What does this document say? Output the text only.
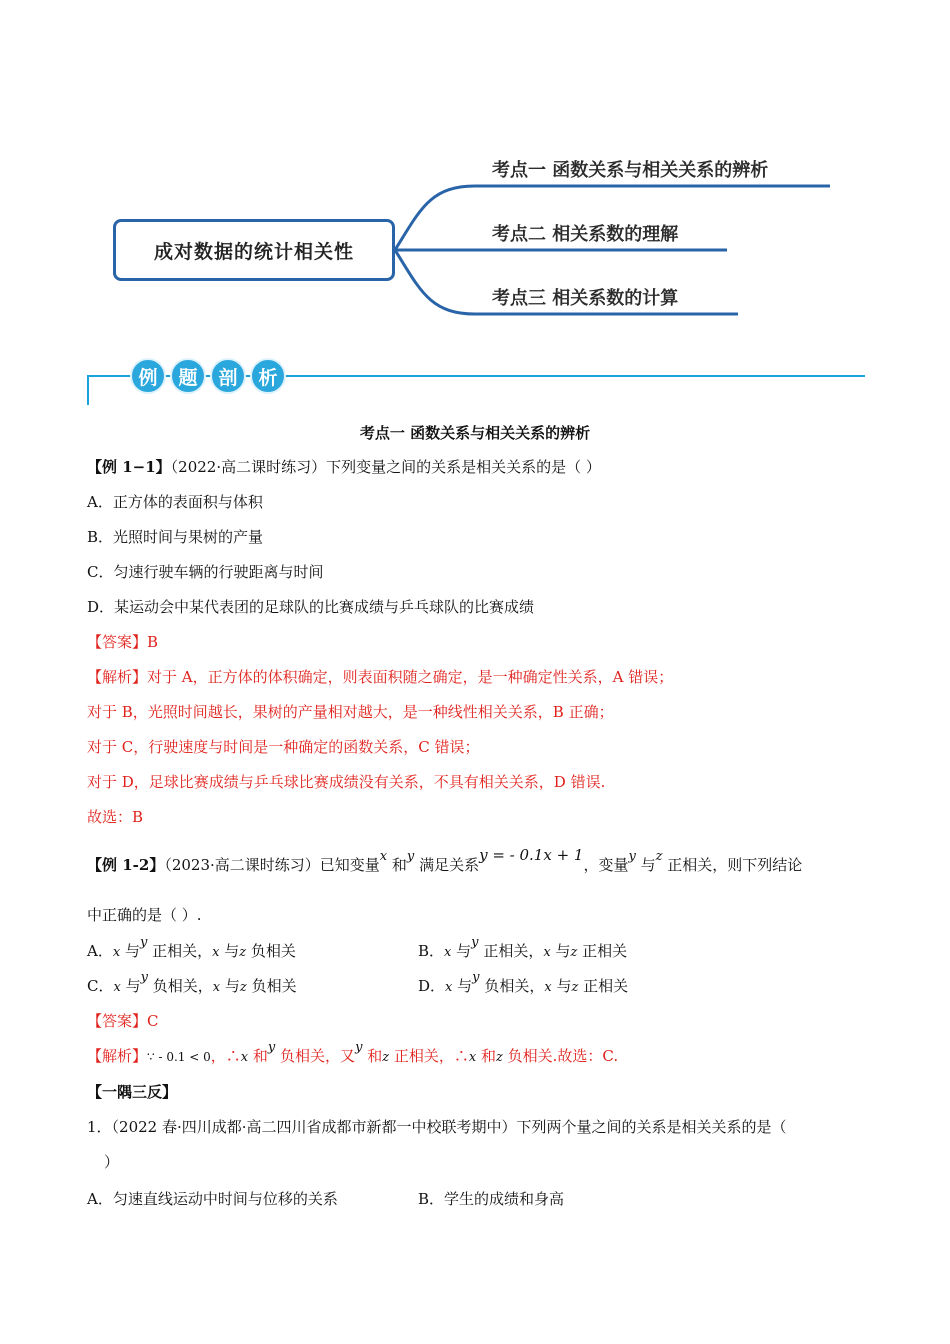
成对数据的统计相关性
考点一 函数关系与相关关系的辨析
考点二 相关系数的理解
考点三 相关系数的计算
例	题	剖	析
考点一 函数关系与相关关系的辨析
【例 1−1】（2022·高二课时练习）下列变量之间的关系是相关关系的是（ ）
A．正方体的表面积与体积
B．光照时间与果树的产量
C．匀速行驶车辆的行驶距离与时间
D．某运动会中某代表团的足球队的比赛成绩与乒乓球队的比赛成绩
【答案】B
【解析】对于 A，正方体的体积确定，则表面积随之确定，是一种确定性关系，A 错误；
对于 B，光照时间越长，果树的产量相对越大，是一种线性相关关系，B 正确；
对于 C，行驶速度与时间是一种确定的函数关系，C 错误；
对于 D，足球比赛成绩与乒乓球比赛成绩没有关系，不具有相关关系，D 错误.
故选：B
【例 1-2】（2023·高二课时练习）已知变量x 和y 满足关系y = - 0.1x + 1，变量y 与z 正相关，则下列结论
中正确的是（ ）.
A．x 与y 正相关，x 与z 负相关	B．x 与y 正相关，x 与z 正相关
C．x 与y 负相关，x 与z 负相关	D．x 与y 负相关，x 与z 正相关
【答案】C
【解析】∵ - 0.1 < 0，∴x 和y 负相关，又y 和z 正相关，∴x 和z 负相关.故选：C.
【一隅三反】
1．（2022 春·四川成都·高二四川省成都市新都一中校联考期中）下列两个量之间的关系是相关关系的是（
）
A．匀速直线运动中时间与位移的关系	B．学生的成绩和身高
